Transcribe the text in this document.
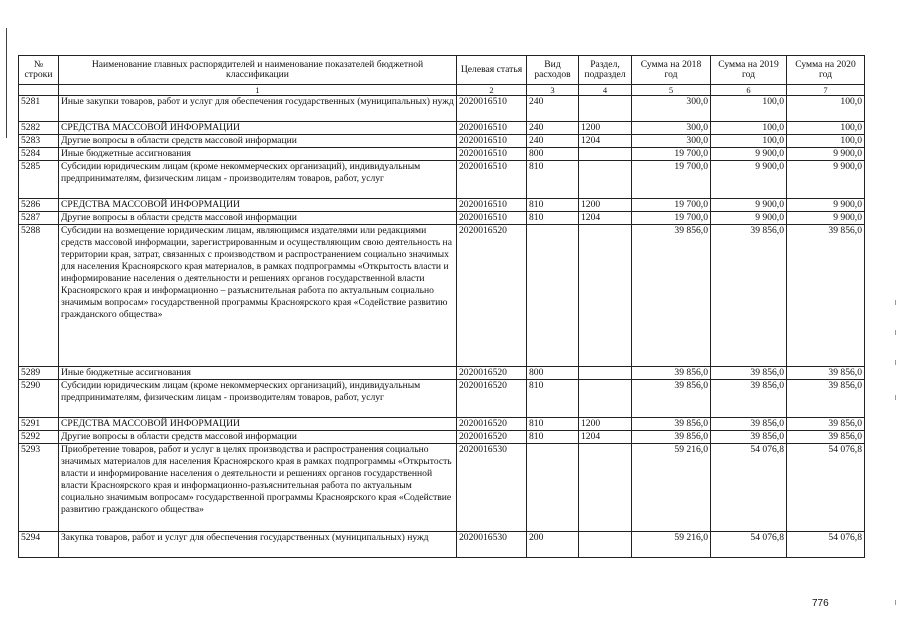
№ строки	Наименование главных распорядителей и наименование показателей бюджетной классификации	Целевая статья	Вид расходов	Раздел, подраздел	Сумма на 2018 год	Сумма на 2019 год	Сумма на 2020 год
	1	2	3	4	5	6	7
5281	Иные закупки товаров, работ и услуг для обеспечения государственных (муниципальных) нужд	2020016510	240		300,0	100,0	100,0
5282	СРЕДСТВА МАССОВОЙ ИНФОРМАЦИИ	2020016510	240	1200	300,0	100,0	100,0
5283	Другие вопросы в области средств массовой информации	2020016510	240	1204	300,0	100,0	100,0
5284	Иные бюджетные ассигнования	2020016510	800		19 700,0	9 900,0	9 900,0
5285	Субсидии юридическим лицам (кроме некоммерческих организаций), индивидуальным предпринимателям, физическим лицам - производителям товаров, работ, услуг	2020016510	810		19 700,0	9 900,0	9 900,0
5286	СРЕДСТВА МАССОВОЙ ИНФОРМАЦИИ	2020016510	810	1200	19 700,0	9 900,0	9 900,0
5287	Другие вопросы в области средств массовой информации	2020016510	810	1204	19 700,0	9 900,0	9 900,0
5288	Субсидии на возмещение юридическим лицам, являющимся издателями или редакциями средств массовой информации, зарегистрированным и осуществляющим свою деятельность на территории края, затрат, связанных с производством и распространением социально значимых для населения Красноярского края материалов, в рамках подпрограммы «Открытость власти и информирование населения о деятельности и решениях органов государственной власти Красноярского края и информационно – разъяснительная работа по актуальным социально значимым вопросам» государственной программы Красноярского края «Содействие развитию гражданского общества»	2020016520			39 856,0	39 856,0	39 856,0
5289	Иные бюджетные ассигнования	2020016520	800		39 856,0	39 856,0	39 856,0
5290	Субсидии юридическим лицам (кроме некоммерческих организаций), индивидуальным предпринимателям, физическим лицам - производителям товаров, работ, услуг	2020016520	810		39 856,0	39 856,0	39 856,0
5291	СРЕДСТВА МАССОВОЙ ИНФОРМАЦИИ	2020016520	810	1200	39 856,0	39 856,0	39 856,0
5292	Другие вопросы в области средств массовой информации	2020016520	810	1204	39 856,0	39 856,0	39 856,0
5293	Приобретение товаров, работ и услуг в целях производства и распространения социально значимых материалов для населения Красноярского края в рамках подпрограммы «Открытость власти и информирование населения о деятельности и решениях органов государственной власти Красноярского края и информационно-разъяснительная работа по актуальным социально значимым вопросам» государственной программы Красноярского края «Содействие развитию гражданского общества»	2020016530			59 216,0	54 076,8	54 076,8
5294	Закупка товаров, работ и услуг для обеспечения государственных (муниципальных) нужд	2020016530	200		59 216,0	54 076,8	54 076,8
776
